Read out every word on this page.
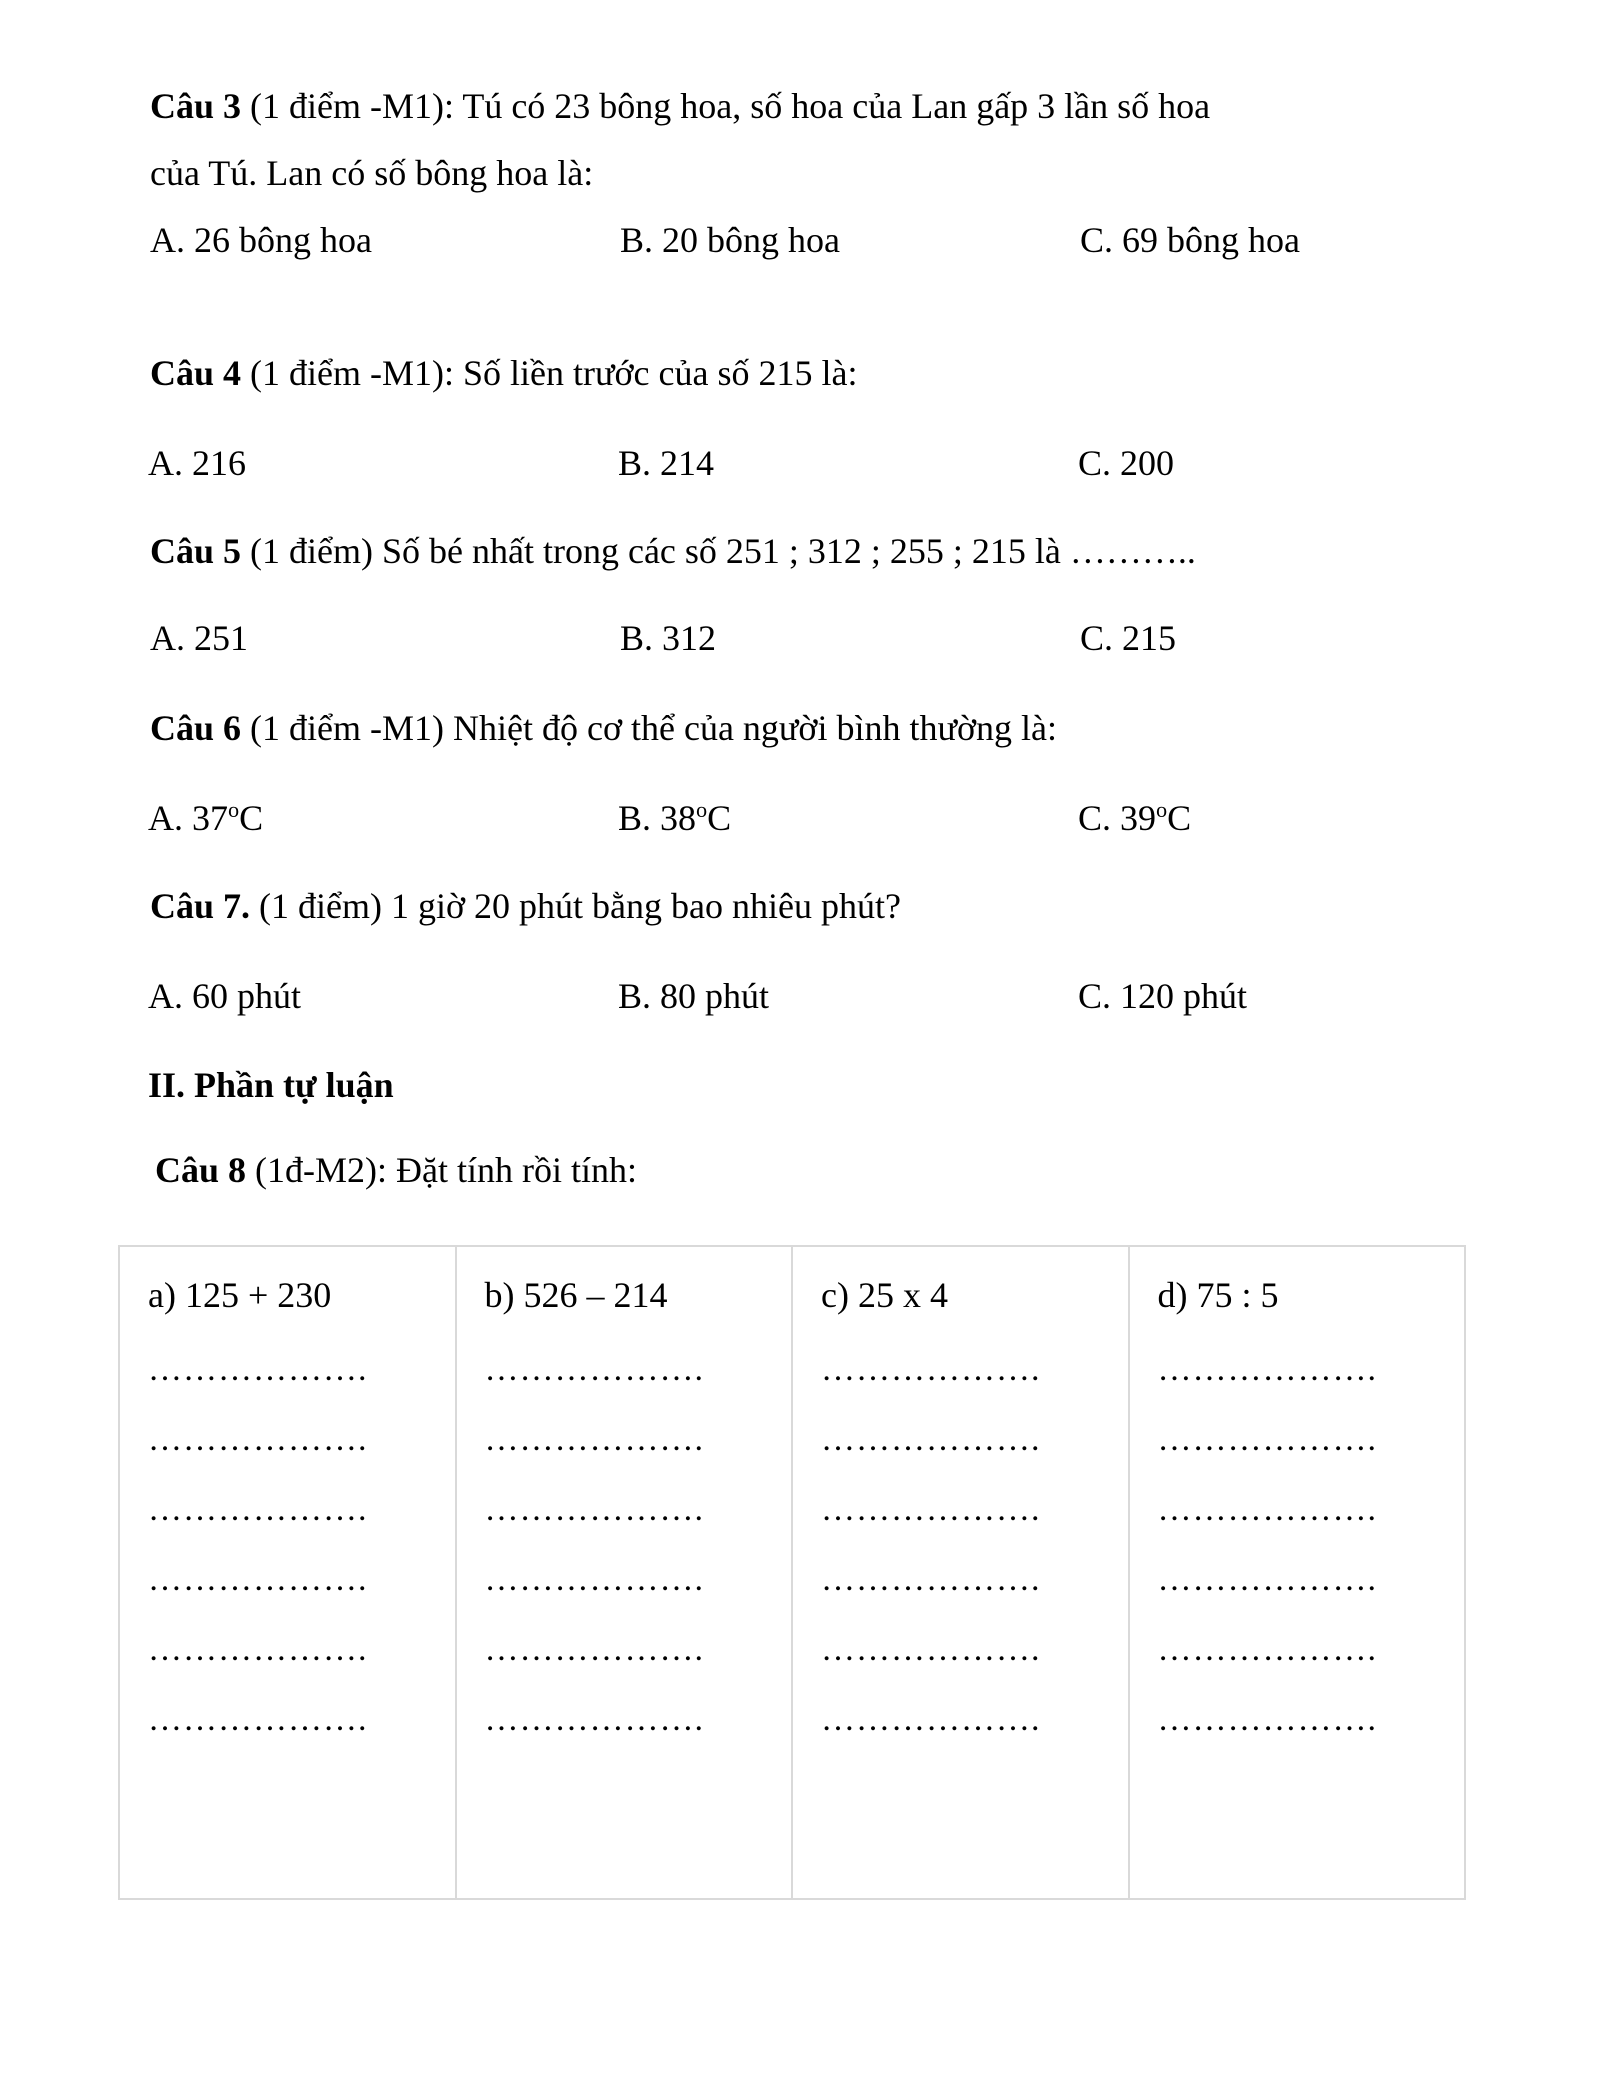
Câu 3 (1 điểm -M1): Tú có 23 bông hoa, số hoa của Lan gấp 3 lần số hoa
của Tú. Lan có số bông hoa là:
A. 26 bông hoa	B. 20 bông hoa	C. 69 bông hoa
Câu 4 (1 điểm -M1): Số liền trước của số 215 là:
A. 216	B. 214	C. 200
Câu 5 (1 điểm) Số bé nhất trong các số 251 ; 312 ; 255 ; 215 là ………..
A. 251	B. 312	C. 215
Câu 6 (1 điểm -M1) Nhiệt độ cơ thể của người bình thường là:
A. 37$^o$C	B. 38$^o$C	C. 39$^o$C
Câu 7. (1 điểm) 1 giờ 20 phút bằng bao nhiêu phút?
A. 60 phút	B. 80 phút	C. 120 phút
II. Phần tự luận
Câu 8 (1đ-M2): Đặt tính rồi tính:
a) 125 + 230
……………….
……………….
……………….
……………….
……………….
……………….
b) 526 – 214
……………….
……………….
……………….
……………….
……………….
……………….
c) 25 x 4
……………….
……………….
……………….
……………….
……………….
……………….
d) 75 : 5
……………….
……………….
……………….
……………….
……………….
……………….
